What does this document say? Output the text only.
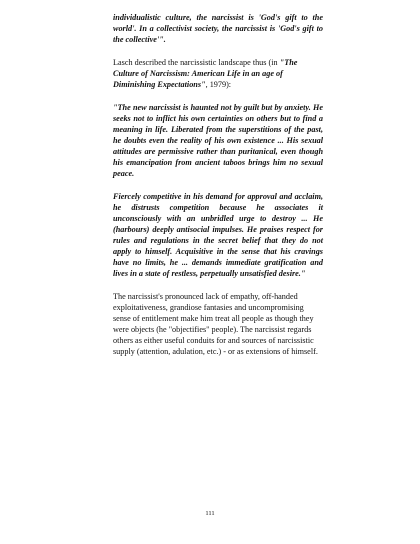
individualistic culture, the narcissist is 'God's gift to the world'. In a collectivist society, the narcissist is 'God's gift to the collective'".

Lasch described the narcissistic landscape thus (in "The Culture of Narcissism: American Life in an age of Diminishing Expectations", 1979):

"The new narcissist is haunted not by guilt but by anxiety. He seeks not to inflict his own certainties on others but to find a meaning in life. Liberated from the superstitions of the past, he doubts even the reality of his own existence ... His sexual attitudes are permissive rather than puritanical, even though his emancipation from ancient taboos brings him no sexual peace.

Fiercely competitive in his demand for approval and acclaim, he distrusts competition because he associates it unconsciously with an unbridled urge to destroy ... He (harbours) deeply antisocial impulses. He praises respect for rules and regulations in the secret belief that they do not apply to himself. Acquisitive in the sense that his cravings have no limits, he ... demands immediate gratification and lives in a state of restless, perpetually unsatisfied desire."

The narcissist's pronounced lack of empathy, off-handed exploitativeness, grandiose fantasies and uncompromising sense of entitlement make him treat all people as though they were objects (he "objectifies" people). The narcissist regards others as either useful conduits for and sources of narcissistic supply (attention, adulation, etc.) - or as extensions of himself.

111
